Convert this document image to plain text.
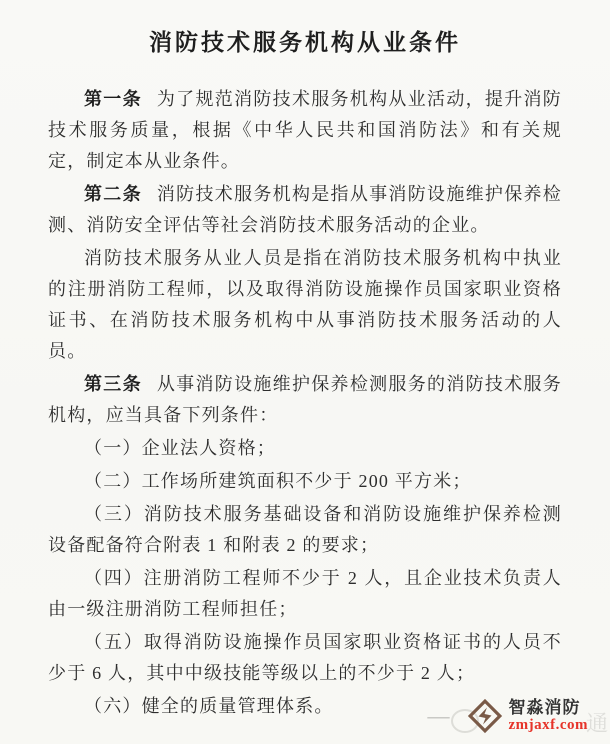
消防技术服务机构从业条件

第一条 为了规范消防技术服务机构从业活动，提升消防技术服务质量，根据《中华人民共和国消防法》和有关规定，制定本从业条件。

第二条 消防技术服务机构是指从事消防设施维护保养检测、消防安全评估等社会消防技术服务活动的企业。

消防技术服务从业人员是指在消防技术服务机构中执业的注册消防工程师，以及取得消防设施操作员国家职业资格证书、在消防技术服务机构中从事消防技术服务活动的人员。

第三条 从事消防设施维护保养检测服务的消防技术服务机构，应当具备下列条件：

（一）企业法人资格；

（二）工作场所建筑面积不少于 200 平方米；

（三）消防技术服务基础设备和消防设施维护保养检测设备配备符合附表 1 和附表 2 的要求；

（四）注册消防工程师不少于 2 人，且企业技术负责人由一级注册消防工程师担任；

（五）取得消防设施操作员国家职业资格证书的人员不少于 6 人，其中中级技能等级以上的不少于 2 人；

（六）健全的质量管理体系。	—	智淼消防
zmjaxf.com
通
